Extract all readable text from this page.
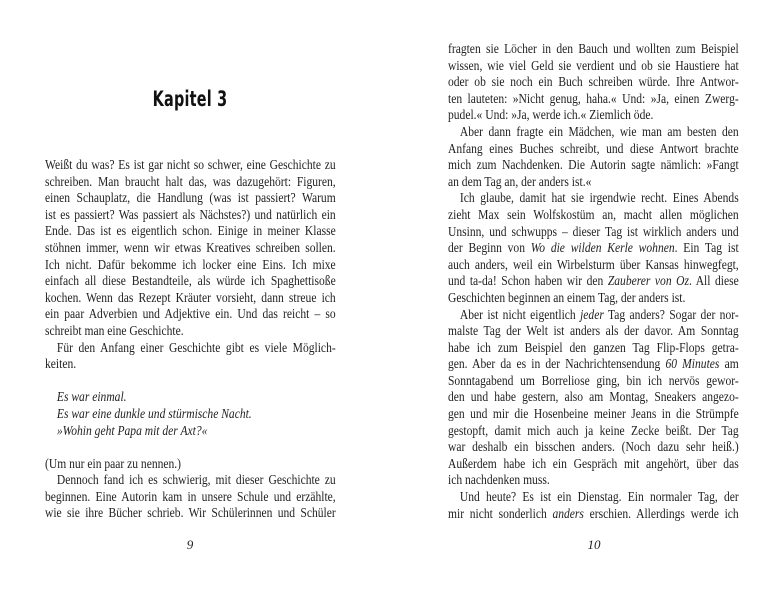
Kapitel 3
Weißt du was? Es ist gar nicht so schwer, eine Geschichte zu
schreiben. Man braucht halt das, was dazugehört: Figuren,
einen Schauplatz, die Handlung (was ist passiert? Warum
ist es passiert? Was passiert als Nächstes?) und natürlich ein
Ende. Das ist es eigentlich schon. Einige in meiner Klasse
stöhnen immer, wenn wir etwas Kreatives schreiben sollen.
Ich nicht. Dafür bekomme ich locker eine Eins. Ich mixe
einfach all diese Bestandteile, als würde ich Spaghettisoße
kochen. Wenn das Rezept Kräuter vorsieht, dann streue ich
ein paar Adverbien und Adjektive ein. Und das reicht – so
schreibt man eine Geschichte.
Für den Anfang einer Geschichte gibt es viele Möglich-
keiten.
Es war einmal.
Es war eine dunkle und stürmische Nacht.
»Wohin geht Papa mit der Axt?«
(Um nur ein paar zu nennen.)
Dennoch fand ich es schwierig, mit dieser Geschichte zu
beginnen. Eine Autorin kam in unsere Schule und erzählte,
wie sie ihre Bücher schrieb. Wir Schülerinnen und Schüler
9
fragten sie Löcher in den Bauch und wollten zum Beispiel
wissen, wie viel Geld sie verdient und ob sie Haustiere hat
oder ob sie noch ein Buch schreiben würde. Ihre Antwor-
ten lauteten: »Nicht genug, haha.« Und: »Ja, einen Zwerg-
pudel.« Und: »Ja, werde ich.« Ziemlich öde.
Aber dann fragte ein Mädchen, wie man am besten den
Anfang eines Buches schreibt, und diese Antwort brachte
mich zum Nachdenken. Die Autorin sagte nämlich: »Fangt
an dem Tag an, der anders ist.«
Ich glaube, damit hat sie irgendwie recht. Eines Abends
zieht Max sein Wolfskostüm an, macht allen möglichen
Unsinn, und schwupps – dieser Tag ist wirklich anders und
der Beginn von Wo die wilden Kerle wohnen. Ein Tag ist
auch anders, weil ein Wirbelsturm über Kansas hinwegfegt,
und ta-da! Schon haben wir den Zauberer von Oz. All diese
Geschichten beginnen an einem Tag, der anders ist.
Aber ist nicht eigentlich jeder Tag anders? Sogar der nor-
malste Tag der Welt ist anders als der davor. Am Sonntag
habe ich zum Beispiel den ganzen Tag Flip-Flops getra-
gen. Aber da es in der Nachrichtensendung 60 Minutes am
Sonntagabend um Borreliose ging, bin ich nervös gewor-
den und habe gestern, also am Montag, Sneakers angezo-
gen und mir die Hosenbeine meiner Jeans in die Strümpfe
gestopft, damit mich auch ja keine Zecke beißt. Der Tag
war deshalb ein bisschen anders. (Noch dazu sehr heiß.)
Außerdem habe ich ein Gespräch mit angehört, über das
ich nachdenken muss.
Und heute? Es ist ein Dienstag. Ein normaler Tag, der
mir nicht sonderlich anders erschien. Allerdings werde ich
10
